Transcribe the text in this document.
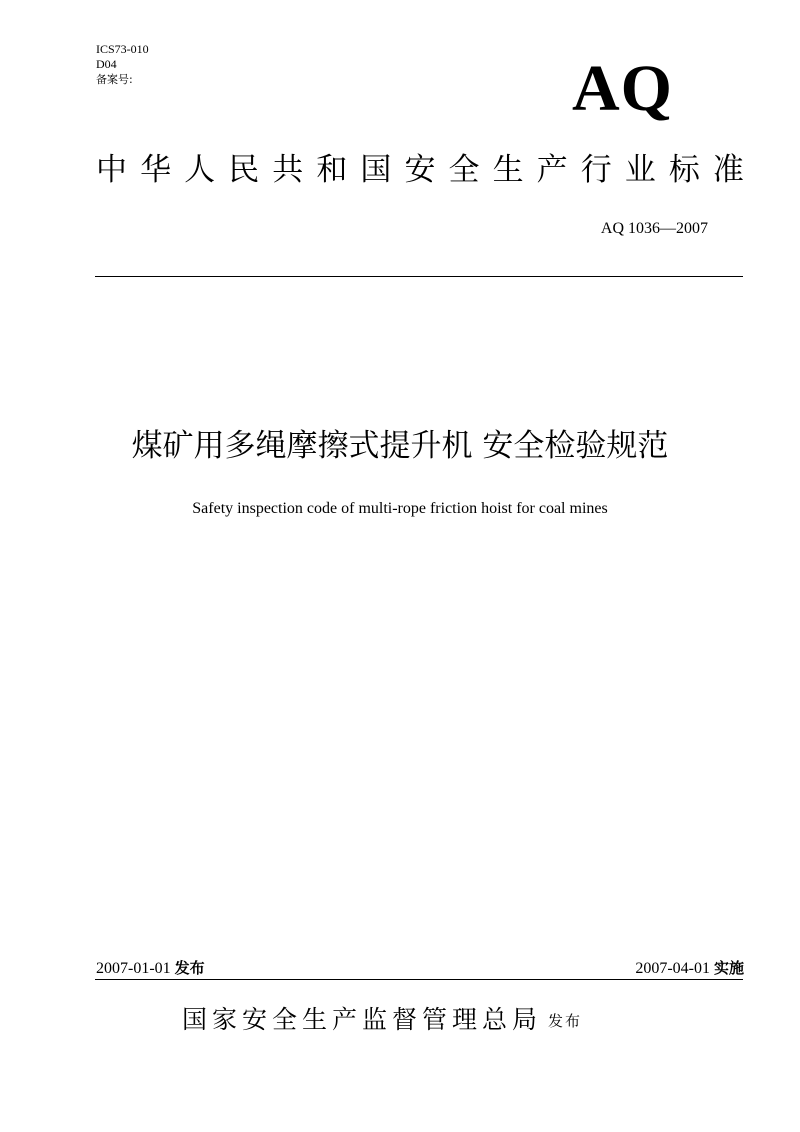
ICS73-010
D04
备案号:	AQ
中 华 人 民 共 和 国 安 全 生 产 行 业 标 准
AQ 1036—2007
煤矿用多绳摩擦式提升机 安全检验规范
Safety inspection code of multi-rope friction hoist for coal mines
2007-01-01 发布	2007-04-01 实施
国家安全生产监督管理总局 发布
